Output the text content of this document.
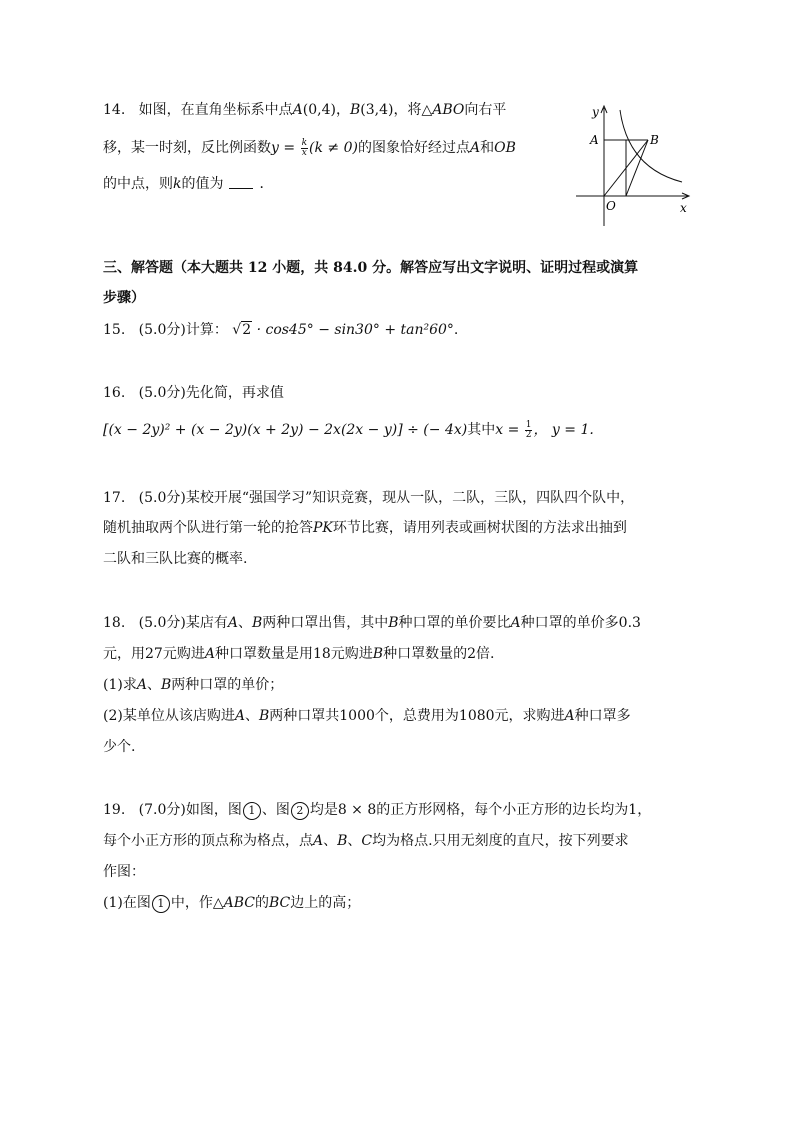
14. 如图，在直角坐标系中点A(0,4)，B(3,4)，将△ABO向右平
移，某一时刻，反比例函数$y = \frac{k}{x} (k \ne 0)$的图象恰好经过点A和OB
的中点，则k的值为	．
y
A	B
O	x
三、解答题（本大题共 12 小题，共 84.0 分。解答应写出文字说明、证明过程或演算
步骤）
15. (5.0分)计算： √2 · cos45° − sin30° + tan²60°.
16. (5.0分)先化简，再求值
[(x − 2y)² + (x − 2y)(x + 2y) − 2x(2x − y)] ÷ (− 4x)其中$x = \frac{1}{2}$ ， y = 1.
17. (5.0分)某校开展“强国学习”知识竞赛，现从一队，二队，三队，四队四个队中，
随机抽取两个队进行第一轮的抢答PK环节比赛，请用列表或画树状图的方法求出抽到
二队和三队比赛的概率.
18. (5.0分)某店有A、B两种口罩出售，其中B种口罩的单价要比A种口罩的单价多0.3
元，用27元购进A种口罩数量是用18元购进B种口罩数量的2倍.
(1)求A、B两种口罩的单价；
(2)某单位从该店购进A、B两种口罩共1000个，总费用为1080元，求购进A种口罩多
少个.
19. (7.0分)如图，图 1 、图 2 均是8 × 8的正方形网格，每个小正方形的边长均为1，
每个小正方形的顶点称为格点，点A、B、C均为格点.只用无刻度的直尺，按下列要求
作图：
(1)在图 1 中，作△ABC的BC边上的高；
